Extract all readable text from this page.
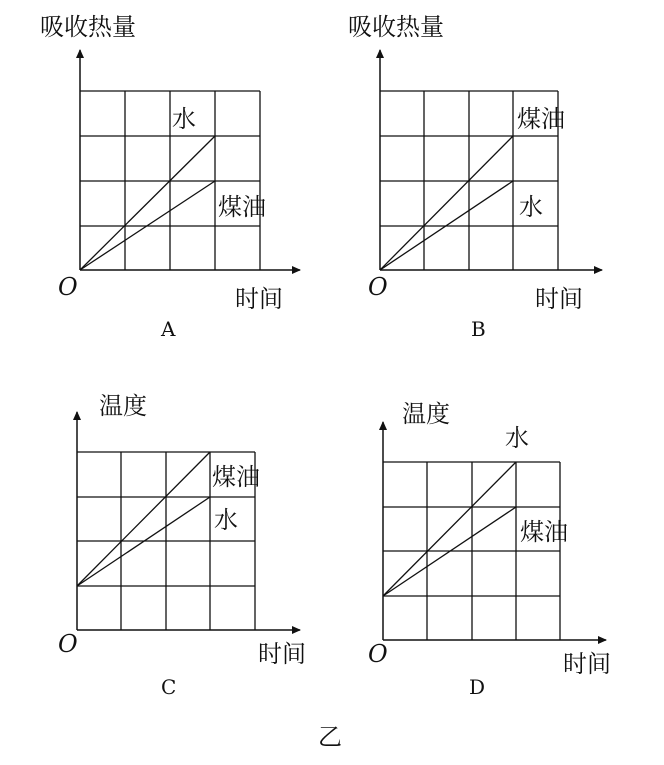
吸收热量
时间
O
水
煤油
A
吸收热量
时间
O
煤油
水
B
温度
时间
O
煤油
水
C
温度
时间
O
水
煤油
D
乙
